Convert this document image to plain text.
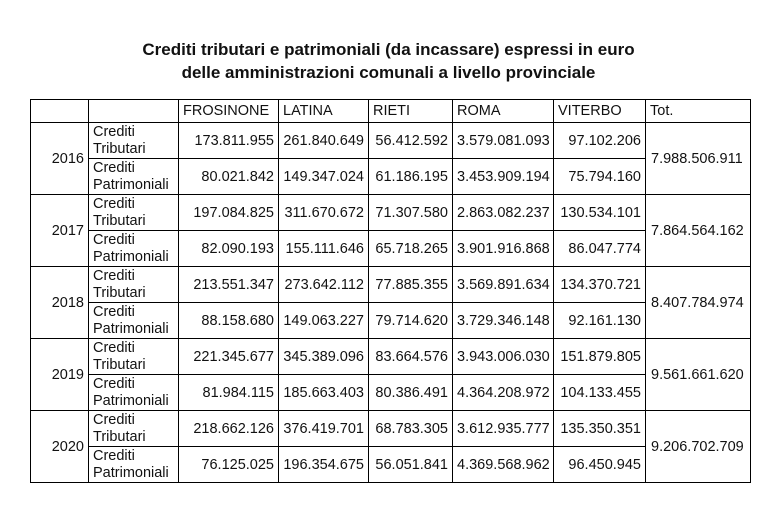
Crediti tributari e patrimoniali (da incassare) espressi in euro
delle amministrazioni comunali a livello provinciale
		FROSINONE	LATINA	RIETI	ROMA	VITERBO	Tot.
2016	Crediti Tributari	173.811.955	261.840.649	56.412.592	3.579.081.093	97.102.206	7.988.506.911
	Crediti Patrimoniali	80.021.842	149.347.024	61.186.195	3.453.909.194	75.794.160	
2017	Crediti Tributari	197.084.825	311.670.672	71.307.580	2.863.082.237	130.534.101	7.864.564.162
	Crediti Patrimoniali	82.090.193	155.111.646	65.718.265	3.901.916.868	86.047.774	
2018	Crediti Tributari	213.551.347	273.642.112	77.885.355	3.569.891.634	134.370.721	8.407.784.974
	Crediti Patrimoniali	88.158.680	149.063.227	79.714.620	3.729.346.148	92.161.130	
2019	Crediti Tributari	221.345.677	345.389.096	83.664.576	3.943.006.030	151.879.805	9.561.661.620
	Crediti Patrimoniali	81.984.115	185.663.403	80.386.491	4.364.208.972	104.133.455	
2020	Crediti Tributari	218.662.126	376.419.701	68.783.305	3.612.935.777	135.350.351	9.206.702.709
	Crediti Patrimoniali	76.125.025	196.354.675	56.051.841	4.369.568.962	96.450.945	
